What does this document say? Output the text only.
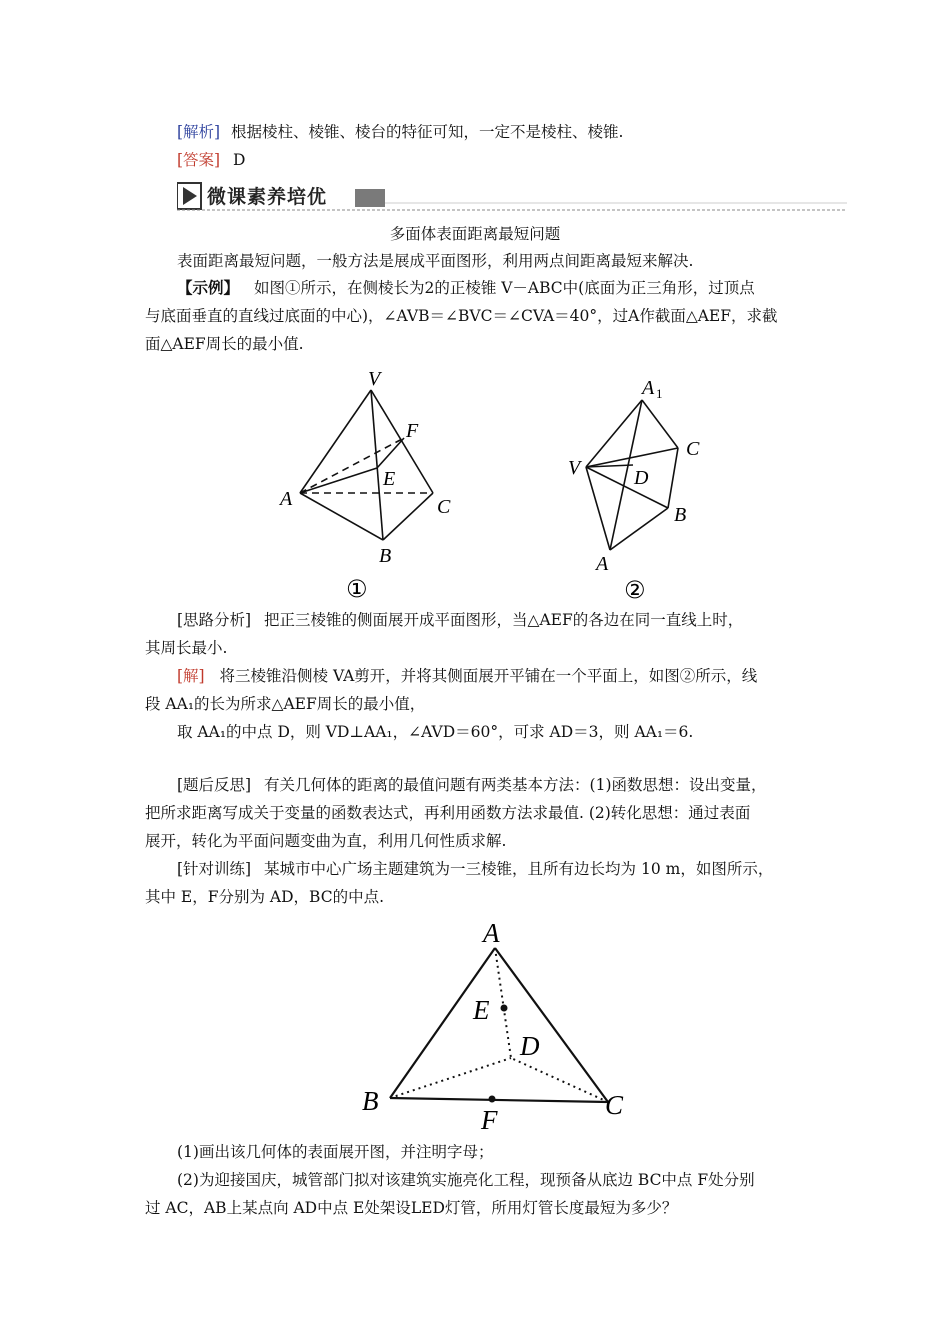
[解析] 根据棱柱、棱锥、棱台的特征可知，一定不是棱柱、棱锥.
[答案] D
微课素养培优
多面体表面距离最短问题
表面距离最短问题，一般方法是展成平面图形，利用两点间距离最短来解决.
【示例】 如图①所示，在侧棱长为2的正棱锥 V－ABC中(底面为正三角形，过顶点
与底面垂直的直线过底面的中心)，∠AVB＝∠BVC＝∠CVA＝40°，过A作截面△AEF，求截
面△AEF周长的最小值.
V
F
E
A	C
B
①
A 1
C
V	D
B
A
②
[思路分析] 把正三棱锥的侧面展开成平面图形，当△AEF的各边在同一直线上时，
其周长最小.
[解] 将三棱锥沿侧棱 VA剪开，并将其侧面展开平铺在一个平面上，如图②所示，线
段 AA₁的长为所求△AEF周长的最小值，
取 AA₁的中点 D，则 VD⊥AA₁，∠AVD＝60°，可求 AD＝3，则 AA₁＝6.
[题后反思] 有关几何体的距离的最值问题有两类基本方法：(1)函数思想：设出变量，
把所求距离写成关于变量的函数表达式，再利用函数方法求最值. (2)转化思想：通过表面
展开，转化为平面问题变曲为直，利用几何性质求解.
[针对训练] 某城市中心广场主题建筑为一三棱锥，且所有边长均为 10 m，如图所示，
其中 E，F分别为 AD，BC的中点.
A
E
D
B
F	C
(1)画出该几何体的表面展开图，并注明字母；
(2)为迎接国庆，城管部门拟对该建筑实施亮化工程，现预备从底边 BC中点 F处分别
过 AC，AB上某点向 AD中点 E处架设LED灯管，所用灯管长度最短为多少？
